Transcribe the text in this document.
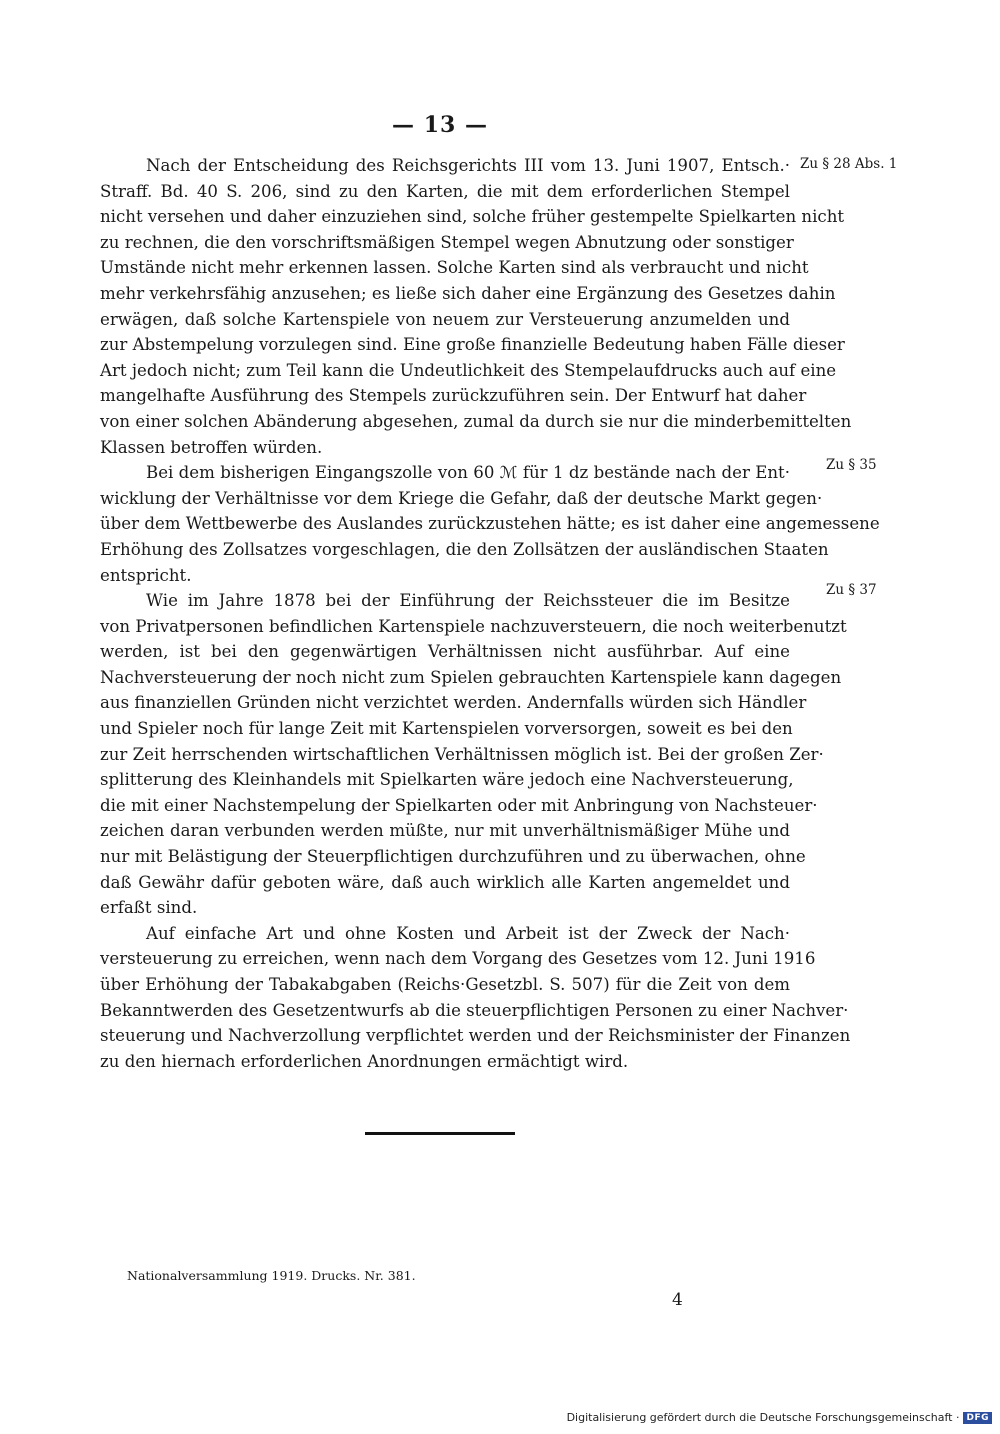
— 13 —
Zu § 28 Abs. 1
Zu § 35
Zu § 37
Nach der Entscheidung des Reichsgerichts III vom 13. Juni 1907, Entsch.·
Straff. Bd. 40 S. 206, sind zu den Karten, die mit dem erforderlichen Stempel
nicht versehen und daher einzuziehen sind, solche früher gestempelte Spielkarten nicht
zu rechnen, die den vorschriftsmäßigen Stempel wegen Abnutzung oder sonstiger
Umstände nicht mehr erkennen lassen. Solche Karten sind als verbraucht und nicht
mehr verkehrsfähig anzusehen; es ließe sich daher eine Ergänzung des Gesetzes dahin
erwägen, daß solche Kartenspiele von neuem zur Versteuerung anzumelden und
zur Abstempelung vorzulegen sind. Eine große finanzielle Bedeutung haben Fälle dieser
Art jedoch nicht; zum Teil kann die Undeutlichkeit des Stempelaufdrucks auch auf eine
mangelhafte Ausführung des Stempels zurückzuführen sein. Der Entwurf hat daher
von einer solchen Abänderung abgesehen, zumal da durch sie nur die minderbemittelten
Klassen betroffen würden.
Bei dem bisherigen Eingangszolle von 60 ℳ für 1 dz bestände nach der Ent·
wicklung der Verhältnisse vor dem Kriege die Gefahr, daß der deutsche Markt gegen·
über dem Wettbewerbe des Auslandes zurückzustehen hätte; es ist daher eine angemessene
Erhöhung des Zollsatzes vorgeschlagen, die den Zollsätzen der ausländischen Staaten
entspricht.
Wie im Jahre 1878 bei der Einführung der Reichssteuer die im Besitze
von Privatpersonen befindlichen Kartenspiele nachzuversteuern, die noch weiterbenutzt
werden, ist bei den gegenwärtigen Verhältnissen nicht ausführbar. Auf eine
Nachversteuerung der noch nicht zum Spielen gebrauchten Kartenspiele kann dagegen
aus finanziellen Gründen nicht verzichtet werden. Andernfalls würden sich Händler
und Spieler noch für lange Zeit mit Kartenspielen vorversorgen, soweit es bei den
zur Zeit herrschenden wirtschaftlichen Verhältnissen möglich ist. Bei der großen Zer·
splitterung des Kleinhandels mit Spielkarten wäre jedoch eine Nachversteuerung,
die mit einer Nachstempelung der Spielkarten oder mit Anbringung von Nachsteuer·
zeichen daran verbunden werden müßte, nur mit unverhältnismäßiger Mühe und
nur mit Belästigung der Steuerpflichtigen durchzuführen und zu überwachen, ohne
daß Gewähr dafür geboten wäre, daß auch wirklich alle Karten angemeldet und
erfaßt sind.
Auf einfache Art und ohne Kosten und Arbeit ist der Zweck der Nach·
versteuerung zu erreichen, wenn nach dem Vorgang des Gesetzes vom 12. Juni 1916
über Erhöhung der Tabakabgaben (Reichs·Gesetzbl. S. 507) für die Zeit von dem
Bekanntwerden des Gesetzentwurfs ab die steuerpflichtigen Personen zu einer Nachver·
steuerung und Nachverzollung verpflichtet werden und der Reichsminister der Finanzen
zu den hiernach erforderlichen Anordnungen ermächtigt wird.
Nationalversammlung 1919. Drucks. Nr. 381.
4
Digitalisierung gefördert durch die Deutsche Forschungsgemeinschaft · DFG
